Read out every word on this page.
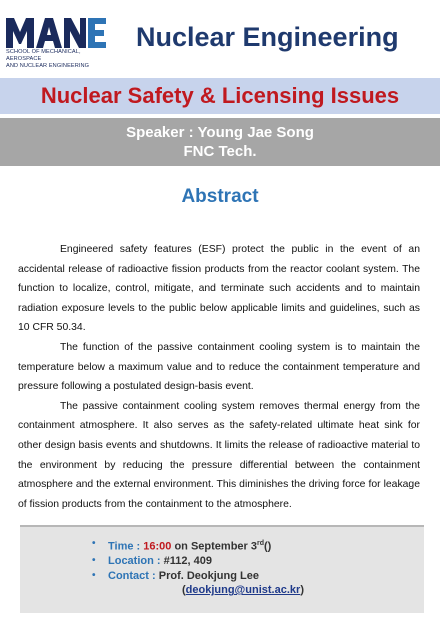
SCHOOL OF MECHANICAL, AEROSPACE
AND NUCLEAR ENGINEERING
Nuclear Engineering
Nuclear Safety & Licensing Issues
Speaker : Young Jae Song
FNC Tech.
Abstract

Engineered safety features (ESF) protect the public in the event of an accidental release of radioactive fission products from the reactor coolant system. The function to localize, control, mitigate, and terminate such accidents and to maintain radiation exposure levels to the public below applicable limits and guidelines, such as 10 CFR 50.34.

The function of the passive containment cooling system is to maintain the temperature below a maximum value and to reduce the containment temperature and pressure following a postulated design-basis event.

The passive containment cooling system removes thermal energy from the containment atmosphere. It also serves as the safety-related ultimate heat sink for other design basis events and shutdowns. It limits the release of radioactive material to the environment by reducing the pressure differential between the containment atmosphere and the external environment. This diminishes the driving force for leakage of fission products from the containment to the atmosphere.

• Time : 16:00 on September 3rd()
• Location : #112, 409
• Contact : Prof. Deokjung Lee
(deokjung@unist.ac.kr)
